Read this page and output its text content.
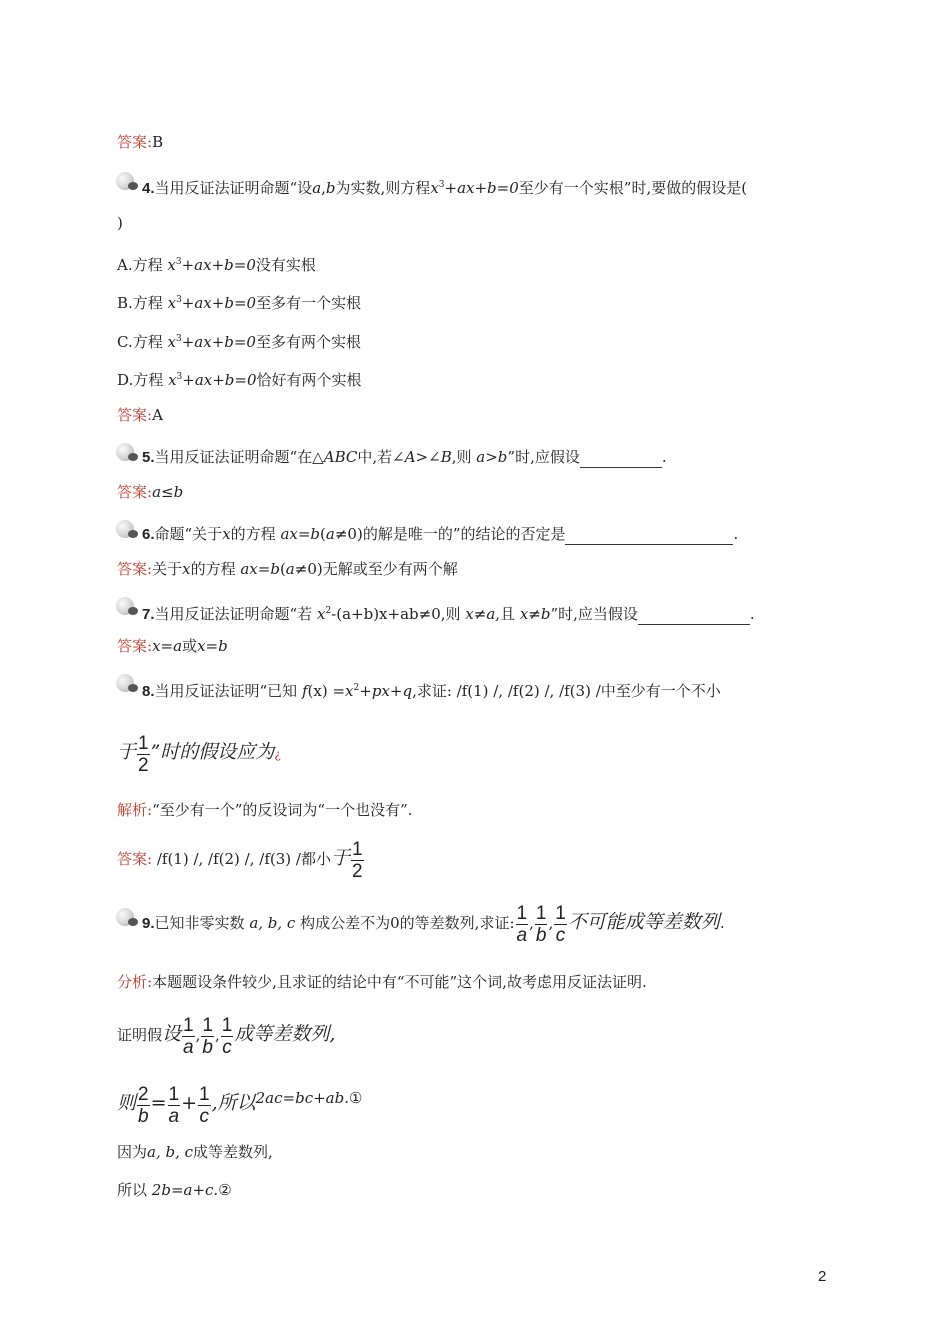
答案:B
4.当用反证法证明命题“设a,b为实数,则方程$x^3+ax+b=0$至少有一个实根”时,要做的假设是(
)
A.方程 $x^3+ax+b=0$没有实根
B.方程 $x^3+ax+b=0$至多有一个实根
C.方程 $x^3+ax+b=0$至多有两个实根
D.方程 $x^3+ax+b=0$恰好有两个实根
答案:A
5.当用反证法证明命题“在△ABC中,若∠A>∠B,则 a>b”时,应假设	.
答案:a≤b
6.命题“关于x的方程 ax=b(a≠0)的解是唯一的”的结论的否定是	.
答案:关于x的方程 ax=b(a≠0)无解或至少有两个解
7.当用反证法证明命题“若 $x^2-(a+b)x+ab\ne 0$,则 x≠a,且 x≠b”时,应当假设	.
答案:x=a或x=b
8.当用反证法证明“已知 $f(x) =x^2+px+q$,求证: /f(1) /, /f(2) /, /f(3) /中至少有一个不小
于 $\frac{1}{2}$ ”时的假设应为¿
解析:“至少有一个”的反设词为“一个也没有”.
答案: /f(1) /, /f(2) /, /f(3) /都小于 $\frac{1}{2}$
9.已知非零实数 a, b, c 构成公差不为0的等差数列,求证: $\frac{1}{a}$ , $\frac{1}{b}$ , $\frac{1}{c}$ 不可能成等差数列.
分析:本题题设条件较少,且求证的结论中有“不可能”这个词,故考虑用反证法证明.
证明假设 $\frac{1}{a}$ , $\frac{1}{b}$ , $\frac{1}{c}$ 成等差数列,
则 $\frac{2}{b} = \frac{1}{a} + \frac{1}{c}$ ,所以2ac=bc+ab.①
因为a, b, c成等差数列,
所以 2b=a+c.②
2
